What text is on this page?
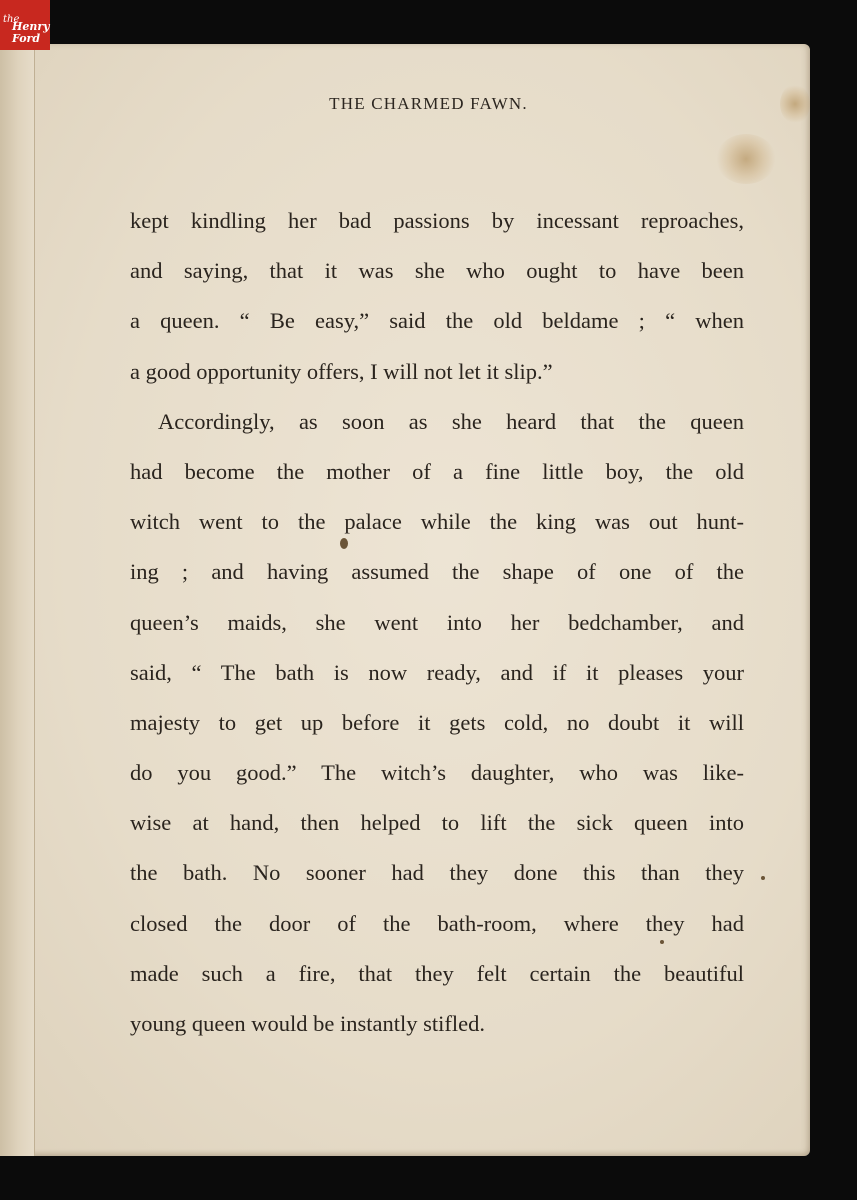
the
Henry
Ford
THE CHARMED FAWN.
kept kindling her bad passions by incessant reproaches,
and saying, that it was she who ought to have been
a queen. “ Be easy,” said the old beldame ; “ when
a good opportunity offers, I will not let it slip.”
Accordingly, as soon as she heard that the queen
had become the mother of a fine little boy, the old
witch went to the palace while the king was out hunt-
ing ; and having assumed the shape of one of the
queen’s maids, she went into her bedchamber, and
said, “ The bath is now ready, and if it pleases your
majesty to get up before it gets cold, no doubt it will
do you good.” The witch’s daughter, who was like-
wise at hand, then helped to lift the sick queen into
the bath. No sooner had they done this than they
closed the door of the bath-room, where they had
made such a fire, that they felt certain the beautiful
young queen would be instantly stifled.
